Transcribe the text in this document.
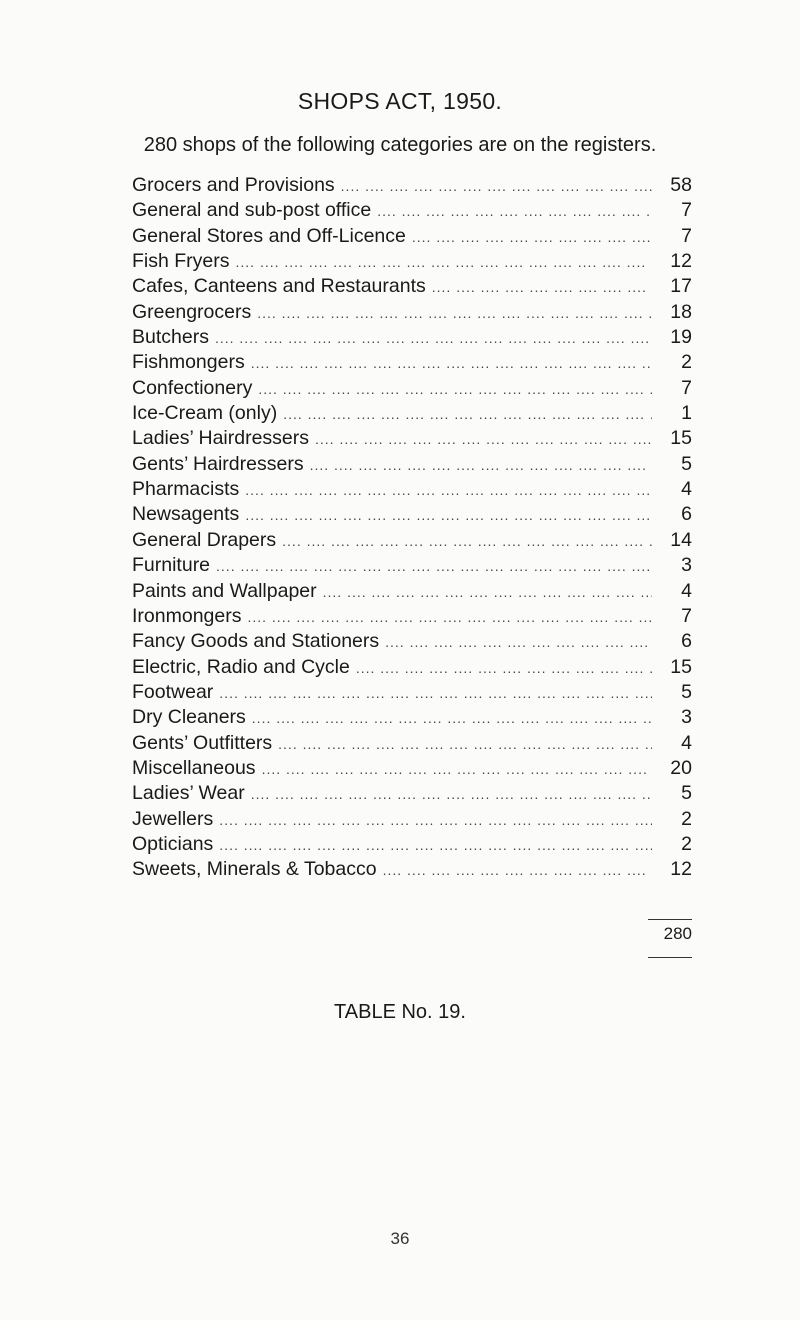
SHOPS ACT, 1950.
280 shops of the following categories are on the registers.
Grocers and Provisions ....	58
General and sub-post office ....	7
General Stores and Off-Licence ....	7
Fish Fryers ....	12
Cafes, Canteens and Restaurants ....	17
Greengrocers ....	18
Butchers ....	19
Fishmongers ....	2
Confectionery ....	7
Ice-Cream (only) ....	1
Ladies’ Hairdressers ....	15
Gents’ Hairdressers ....	5
Pharmacists ....	4
Newsagents ....	6
General Drapers ....	14
Furniture ....	3
Paints and Wallpaper ....	4
Ironmongers ....	7
Fancy Goods and Stationers ....	6
Electric, Radio and Cycle ....	15
Footwear ....	5
Dry Cleaners ....	3
Gents’ Outfitters ....	4
Miscellaneous ....	20
Ladies’ Wear ....	5
Jewellers ....	2
Opticians ....	2
Sweets, Minerals & Tobacco ....	12
280
TABLE No. 19.
36
